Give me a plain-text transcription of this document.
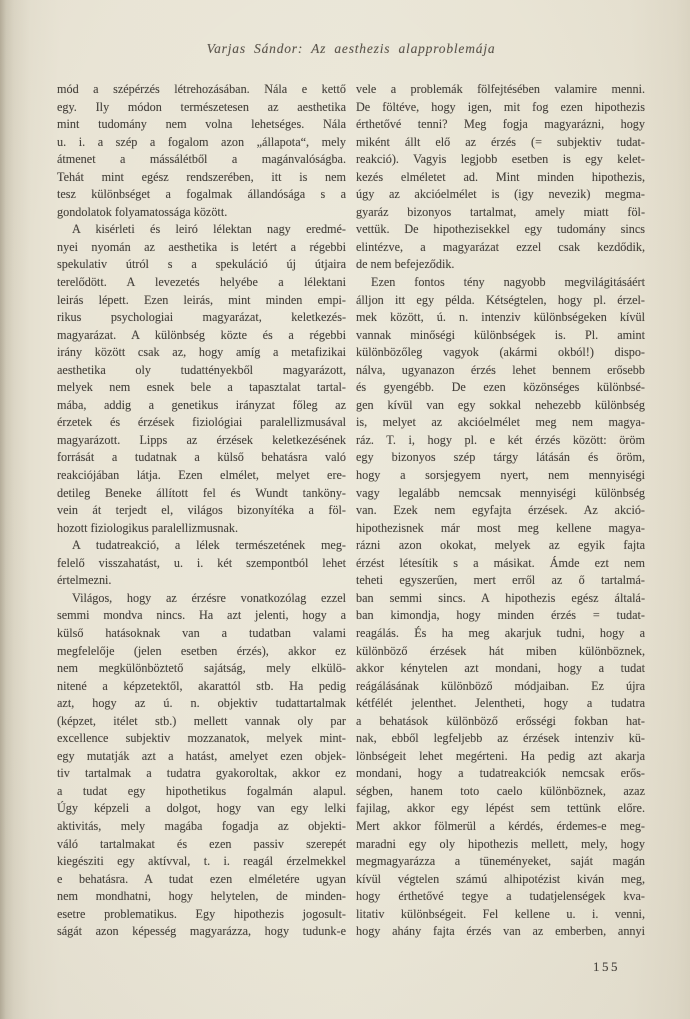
Varjas Sándor: Az aesthezis alapproblemája
mód a szépérzés létrehozásában. Nála e kettő
egy. Ily módon természetesen az aesthetika
mint tudomány nem volna lehetséges. Nála
u. i. a szép a fogalom azon „állapota“, mely
átmenet a mássálétből a magánvalóságba.
Tehát mint egész rendszerében, itt is nem
tesz különbséget a fogalmak állandósága s a
gondolatok folyamatossága között.
A kisérleti és leiró lélektan nagy eredmé-
nyei nyomán az aesthetika is letért a régebbi
spekulativ útról s a spekuláció új útjaira
terelődött. A levezetés helyébe a lélektani
leirás lépett. Ezen leirás, mint minden empi-
rikus psychologiai magyarázat, keletkezés-
magyarázat. A különbség közte és a régebbi
irány között csak az, hogy amíg a metafizikai
aesthetika oly tudattényekből magyarázott,
melyek nem esnek bele a tapasztalat tartal-
mába, addig a genetikus irányzat főleg az
érzetek és érzések fiziológiai paralellizmusával
magyarázott. Lipps az érzések keletkezésének
forrását a tudatnak a külső behatásra való
reakciójában látja. Ezen elmélet, melyet ere-
detileg Beneke állított fel és Wundt tanköny-
vein át terjedt el, világos bizonyítéka a föl-
hozott fiziologikus paralellizmusnak.
A tudatreakció, a lélek természetének meg-
felelő visszahatást, u. i. két szempontból lehet
értelmezni.
Világos, hogy az érzésre vonatkozólag ezzel
semmi mondva nincs. Ha azt jelenti, hogy a
külső hatásoknak van a tudatban valami
megfelelője (jelen esetben érzés), akkor ez
nem megkülönböztető sajátság, mely elkülö-
nitené a képzetektől, akarattól stb. Ha pedig
azt, hogy az ú. n. objektiv tudattartalmak
(képzet, itélet stb.) mellett vannak oly par
excellence subjektiv mozzanatok, melyek mint-
egy mutatják azt a hatást, amelyet ezen objek-
tiv tartalmak a tudatra gyakoroltak, akkor ez
a tudat egy hipothetikus fogalmán alapul.
Úgy képzeli a dolgot, hogy van egy lelki
aktivitás, mely magába fogadja az objekti-
váló tartalmakat és ezen passiv szerepét
kiegésziti egy aktívval, t. i. reagál érzelmekkel
e behatásra. A tudat ezen elméletére ugyan
nem mondhatni, hogy helytelen, de minden-
esetre problematikus. Egy hipothezis jogosult-
ságát azon képesség magyarázza, hogy tudunk-e
vele a problemák fölfejtésében valamire menni.
De föltéve, hogy igen, mit fog ezen hipothezis
érthetővé tenni? Meg fogja magyarázni, hogy
miként állt elő az érzés (= subjektiv tudat-
reakció). Vagyis legjobb esetben is egy kelet-
kezés elméletet ad. Mint minden hipothezis,
úgy az akcióelmélet is (igy nevezik) megma-
gyaráz bizonyos tartalmat, amely miatt föl-
vettük. De hipothezisekkel egy tudomány sincs
elintézve, a magyarázat ezzel csak kezdődik,
de nem befejeződik.
Ezen fontos tény nagyobb megvilágitásáért
álljon itt egy példa. Kétségtelen, hogy pl. érzel-
mek között, ú. n. intenziv különbségeken kívül
vannak minőségi különbségek is. Pl. amint
különbözőleg vagyok (akármi okból!) dispo-
nálva, ugyanazon érzés lehet bennem erősebb
és gyengébb. De ezen közönséges különbsé-
gen kívül van egy sokkal nehezebb különbség
is, melyet az akcióelmélet meg nem magya-
ráz. T. i, hogy pl. e két érzés között: öröm
egy bizonyos szép tárgy látásán és öröm,
hogy a sorsjegyem nyert, nem mennyiségi
vagy legalább nemcsak mennyiségi különbség
van. Ezek nem egyfajta érzések. Az akció-
hipothezisnek már most meg kellene magya-
rázni azon okokat, melyek az egyik fajta
érzést létesítik s a másikat. Ámde ezt nem
teheti egyszerűen, mert erről az ő tartalmá-
ban semmi sincs. A hipothezis egész általá-
ban kimondja, hogy minden érzés = tudat-
reagálás. És ha meg akarjuk tudni, hogy a
különböző érzések hát miben különböznek,
akkor kénytelen azt mondani, hogy a tudat
reágálásának különböző módjaiban. Ez újra
kétfélét jelenthet. Jelentheti, hogy a tudatra
a behatások különböző erősségi fokban hat-
nak, ebből legfeljebb az érzések intenziv kü-
lönbségeit lehet megérteni. Ha pedig azt akarja
mondani, hogy a tudatreakciók nemcsak erős-
ségben, hanem toto caelo különböznek, azaz
fajilag, akkor egy lépést sem tettünk előre.
Mert akkor fölmerül a kérdés, érdemes-e meg-
maradni egy oly hipothezis mellett, mely, hogy
megmagyarázza a tüneményeket, saját magán
kívül végtelen számú alhipotézist kiván meg,
hogy érthetővé tegye a tudatjelenségek kva-
litativ különbségeit. Fel kellene u. i. venni,
hogy ahány fajta érzés van az emberben, annyi
155
